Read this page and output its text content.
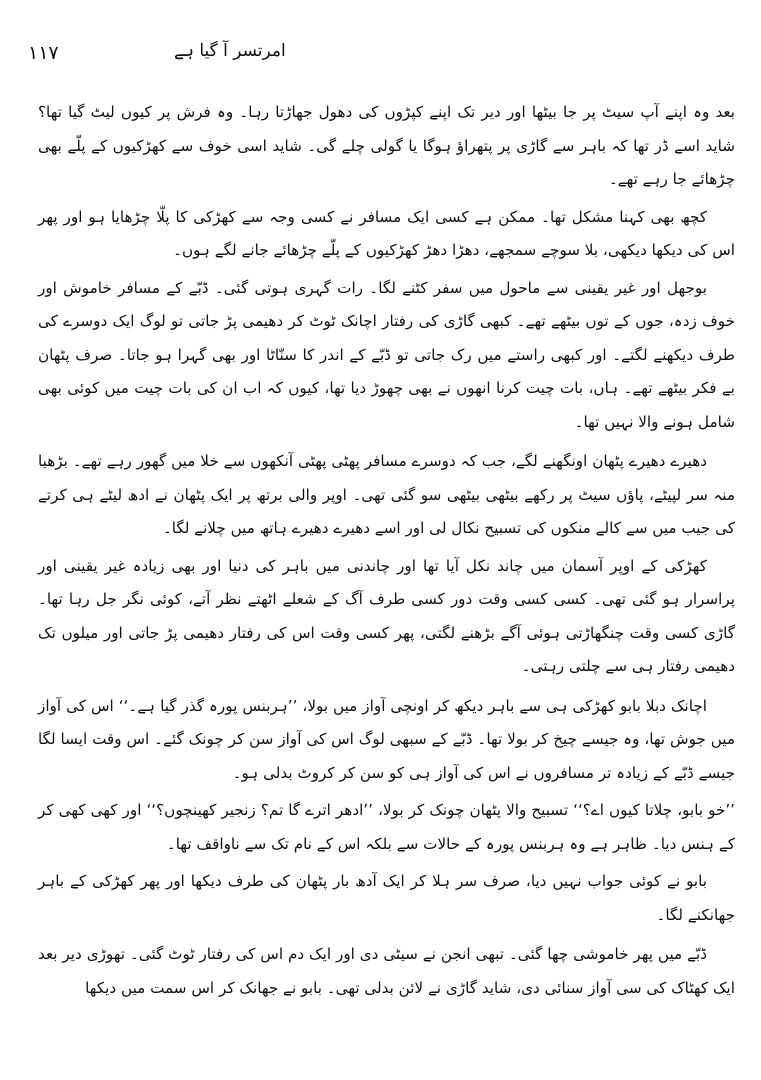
۱۱۷	امرتسر آ گیا ہے

بعد وہ اپنے آپ سیٹ پر جا بیٹھا اور دیر تک اپنے کپڑوں کی دھول جھاڑتا رہا۔ وہ فرش پر کیوں لیٹ گیا تھا؟ شاید اسے ڈر تھا کہ باہر سے گاڑی پر پتھراؤ ہوگا یا گولی چلے گی۔ شاید اسی خوف سے کھڑکیوں کے پلّے بھی چڑھائے جا رہے تھے۔

کچھ بھی کہنا مشکل تھا۔ ممکن ہے کسی ایک مسافر نے کسی وجہ سے کھڑکی کا پلّا چڑھایا ہو اور پھر اس کی دیکھا دیکھی، بلا سوچے سمجھے، دھڑا دھڑ کھڑکیوں کے پلّے چڑھائے جانے لگے ہوں۔

بوجھل اور غیر یقینی سے ماحول میں سفر کٹنے لگا۔ رات گہری ہوتی گئی۔ ڈبّے کے مسافر خاموش اور خوف زدہ، جوں کے توں بیٹھے تھے۔ کبھی گاڑی کی رفتار اچانک ٹوٹ کر دھیمی پڑ جاتی تو لوگ ایک دوسرے کی طرف دیکھنے لگتے۔ اور کبھی راستے میں رک جاتی تو ڈبّے کے اندر کا سنّاٹا اور بھی گہرا ہو جاتا۔ صرف پٹھان بے فکر بیٹھے تھے۔ ہاں، بات چیت کرنا انھوں نے بھی چھوڑ دیا تھا، کیوں کہ اب ان کی بات چیت میں کوئی بھی شامل ہونے والا نہیں تھا۔

دھیرے دھیرے پٹھان اونگھنے لگے، جب کہ دوسرے مسافر پھٹی پھٹی آنکھوں سے خلا میں گھور رہے تھے۔ بڑھیا منہ سر لپیٹے، پاؤں سیٹ پر رکھے بیٹھی بیٹھی سو گئی تھی۔ اوپر والی برتھ پر ایک پٹھان نے ادھ لیٹے ہی کرتے کی جیب میں سے کالے منکوں کی تسبیح نکال لی اور اسے دھیرے دھیرے ہاتھ میں چلانے لگا۔

کھڑکی کے اوپر آسمان میں چاند نکل آیا تھا اور چاندنی میں باہر کی دنیا اور بھی زیادہ غیر یقینی اور پراسرار ہو گئی تھی۔ کسی کسی وقت دور کسی طرف آگ کے شعلے اٹھتے نظر آتے، کوئی نگر جل رہا تھا۔ گاڑی کسی وقت چنگھاڑتی ہوئی آگے بڑھنے لگتی، پھر کسی وقت اس کی رفتار دھیمی پڑ جاتی اور میلوں تک دھیمی رفتار ہی سے چلتی رہتی۔

اچانک دبلا بابو کھڑکی ہی سے باہر دیکھ کر اونچی آواز میں بولا، ’’ہربنس پورہ گذر گیا ہے۔‘‘ اس کی آواز میں جوش تھا، وہ جیسے چیخ کر بولا تھا۔ ڈبّے کے سبھی لوگ اس کی آواز سن کر چونک گئے۔ اس وقت ایسا لگا جیسے ڈبّے کے زیادہ تر مسافروں نے اس کی آواز ہی کو سن کر کروٹ بدلی ہو۔

’’خو بابو، چلاتا کیوں اے؟‘‘ تسبیح والا پٹھان چونک کر بولا، ’’ادھر اترے گا تم؟ زنجیر کھینچوں؟‘‘ اور کھی کھی کر کے ہنس دیا۔ ظاہر ہے وہ ہربنس پورہ کے حالات سے بلکہ اس کے نام تک سے ناواقف تھا۔

بابو نے کوئی جواب نہیں دیا، صرف سر ہلا کر ایک آدھ بار پٹھان کی طرف دیکھا اور پھر کھڑکی کے باہر جھانکنے لگا۔

ڈبّے میں پھر خاموشی چھا گئی۔ تبھی انجن نے سیٹی دی اور ایک دم اس کی رفتار ٹوٹ گئی۔ تھوڑی دیر بعد ایک کھٹاک کی سی آواز سنائی دی، شاید گاڑی نے لائن بدلی تھی۔ بابو نے جھانک کر اس سمت میں دیکھا
